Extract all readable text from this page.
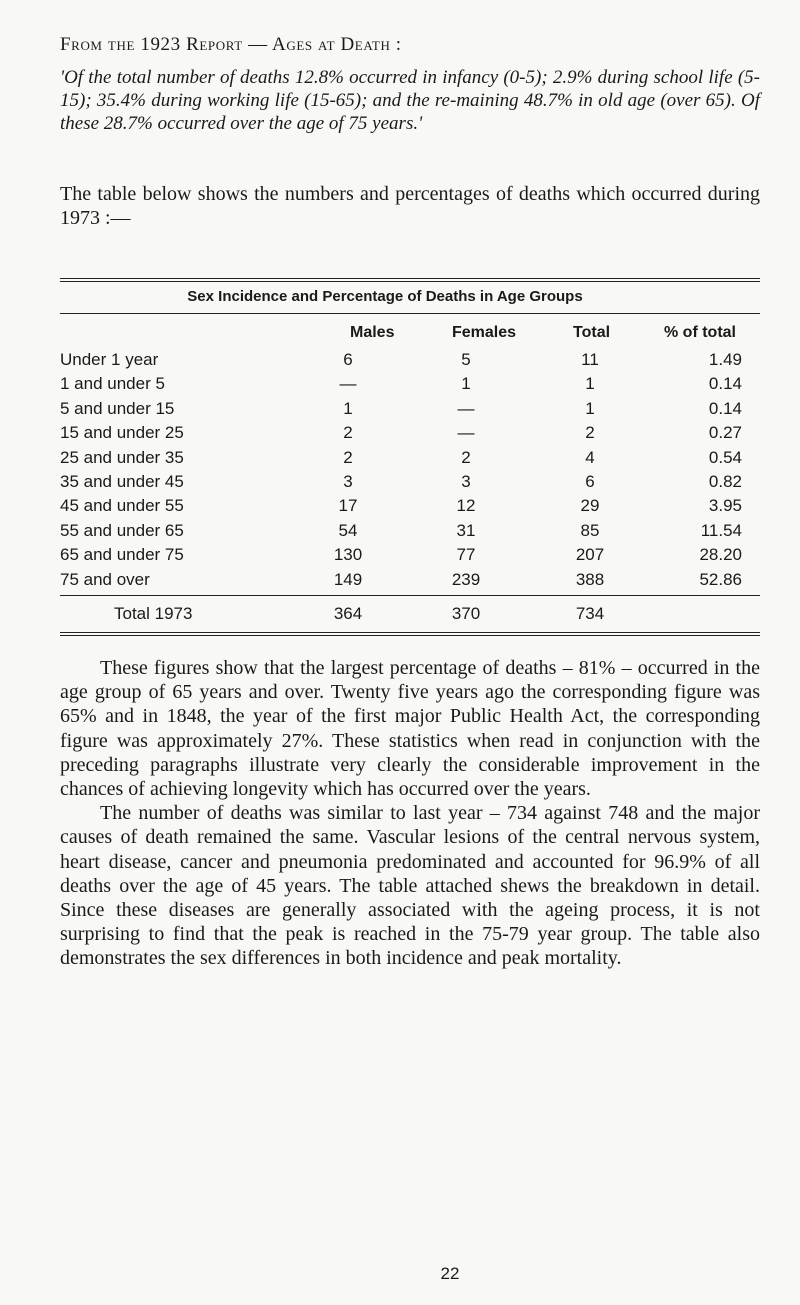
From the 1923 Report — Ages at Death :
'Of the total number of deaths 12.8% occurred in infancy (0-5); 2.9% during school life (5-15); 35.4% during working life (15-65); and the re-maining 48.7% in old age (over 65). Of these 28.7% occurred over the age of 75 years.'
The table below shows the numbers and percentages of deaths which occurred during 1973 :—
Sex Incidence and Percentage of Deaths in Age Groups
Males	Females	Total	% of total
Under 1 year	6	5	11	1.49
1 and under 5	—	1	1	0.14
5 and under 15	1	—	1	0.14
15 and under 25	2	—	2	0.27
25 and under 35	2	2	4	0.54
35 and under 45	3	3	6	0.82
45 and under 55	17	12	29	3.95
55 and under 65	54	31	85	11.54
65 and under 75	130	77	207	28.20
75 and over	149	239	388	52.86
Total 1973	364	370	734

These figures show that the largest percentage of deaths – 81% – occurred in the age group of 65 years and over. Twenty five years ago the corresponding figure was 65% and in 1848, the year of the first major Public Health Act, the corresponding figure was approximately 27%. These statistics when read in conjunction with the preceding paragraphs illustrate very clearly the considerable improvement in the chances of achieving longevity which has occurred over the years.

The number of deaths was similar to last year – 734 against 748 and the major causes of death remained the same. Vascular lesions of the central nervous system, heart disease, cancer and pneumonia predominated and accounted for 96.9% of all deaths over the age of 45 years. The table attached shews the breakdown in detail. Since these diseases are generally associated with the ageing process, it is not surprising to find that the peak is reached in the 75-79 year group. The table also demonstrates the sex differences in both incidence and peak mortality.

22
